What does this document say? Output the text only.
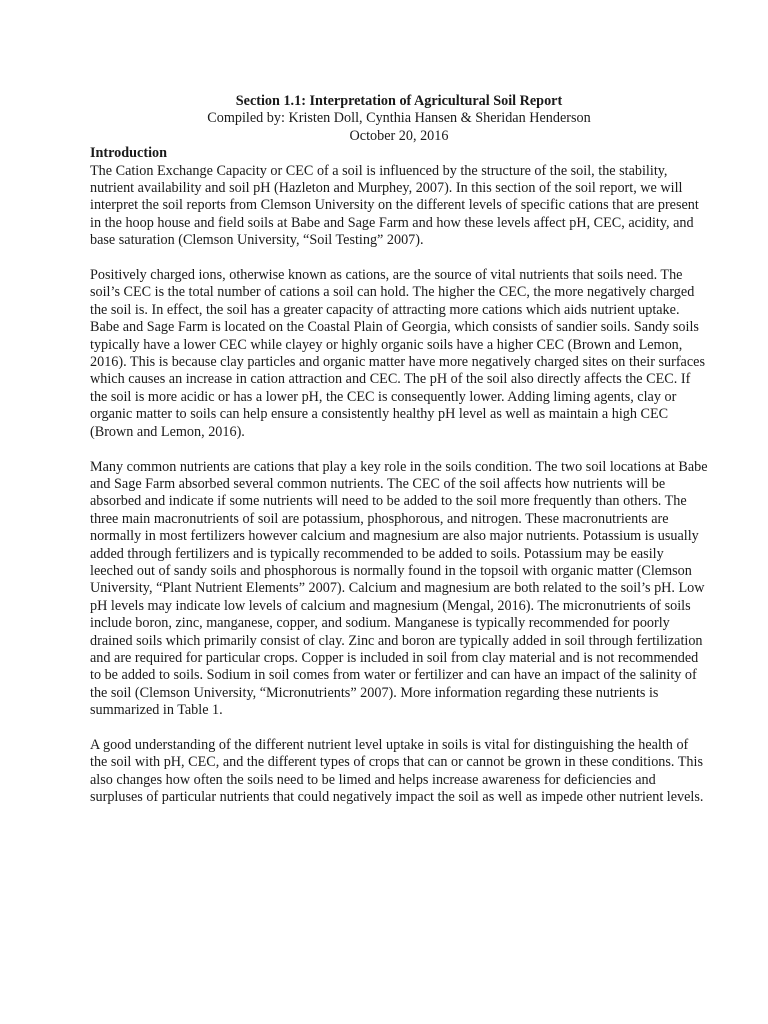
Section 1.1: Interpretation of Agricultural Soil Report

Compiled by: Kristen Doll, Cynthia Hansen & Sheridan Henderson

October 20, 2016

Introduction

The Cation Exchange Capacity or CEC of a soil is influenced by the structure of the soil, the stability, nutrient availability and soil pH (Hazleton and Murphey, 2007). In this section of the soil report, we will interpret the soil reports from Clemson University on the different levels of specific cations that are present in the hoop house and field soils at Babe and Sage Farm and how these levels affect pH, CEC, acidity, and base saturation (Clemson University, “Soil Testing” 2007).

Positively charged ions, otherwise known as cations, are the source of vital nutrients that soils need. The soil’s CEC is the total number of cations a soil can hold. The higher the CEC, the more negatively charged the soil is. In effect, the soil has a greater capacity of attracting more cations which aids nutrient uptake. Babe and Sage Farm is located on the Coastal Plain of Georgia, which consists of sandier soils. Sandy soils typically have a lower CEC while clayey or highly organic soils have a higher CEC (Brown and Lemon, 2016). This is because clay particles and organic matter have more negatively charged sites on their surfaces which causes an increase in cation attraction and CEC. The pH of the soil also directly affects the CEC. If the soil is more acidic or has a lower pH, the CEC is consequently lower. Adding liming agents, clay or organic matter to soils can help ensure a consistently healthy pH level as well as maintain a high CEC (Brown and Lemon, 2016).

Many common nutrients are cations that play a key role in the soils condition. The two soil locations at Babe and Sage Farm absorbed several common nutrients. The CEC of the soil affects how nutrients will be absorbed and indicate if some nutrients will need to be added to the soil more frequently than others. The three main macronutrients of soil are potassium, phosphorous, and nitrogen. These macronutrients are normally in most fertilizers however calcium and magnesium are also major nutrients. Potassium is usually added through fertilizers and is typically recommended to be added to soils. Potassium may be easily leeched out of sandy soils and phosphorous is normally found in the topsoil with organic matter (Clemson University, “Plant Nutrient Elements” 2007). Calcium and magnesium are both related to the soil’s pH. Low pH levels may indicate low levels of calcium and magnesium (Mengal, 2016). The micronutrients of soils include boron, zinc, manganese, copper, and sodium. Manganese is typically recommended for poorly drained soils which primarily consist of clay. Zinc and boron are typically added in soil through fertilization and are required for particular crops. Copper is included in soil from clay material and is not recommended to be added to soils. Sodium in soil comes from water or fertilizer and can have an impact of the salinity of the soil (Clemson University, “Micronutrients” 2007). More information regarding these nutrients is summarized in Table 1.

A good understanding of the different nutrient level uptake in soils is vital for distinguishing the health of the soil with pH, CEC, and the different types of crops that can or cannot be grown in these conditions. This also changes how often the soils need to be limed and helps increase awareness for deficiencies and surpluses of particular nutrients that could negatively impact the soil as well as impede other nutrient levels.
